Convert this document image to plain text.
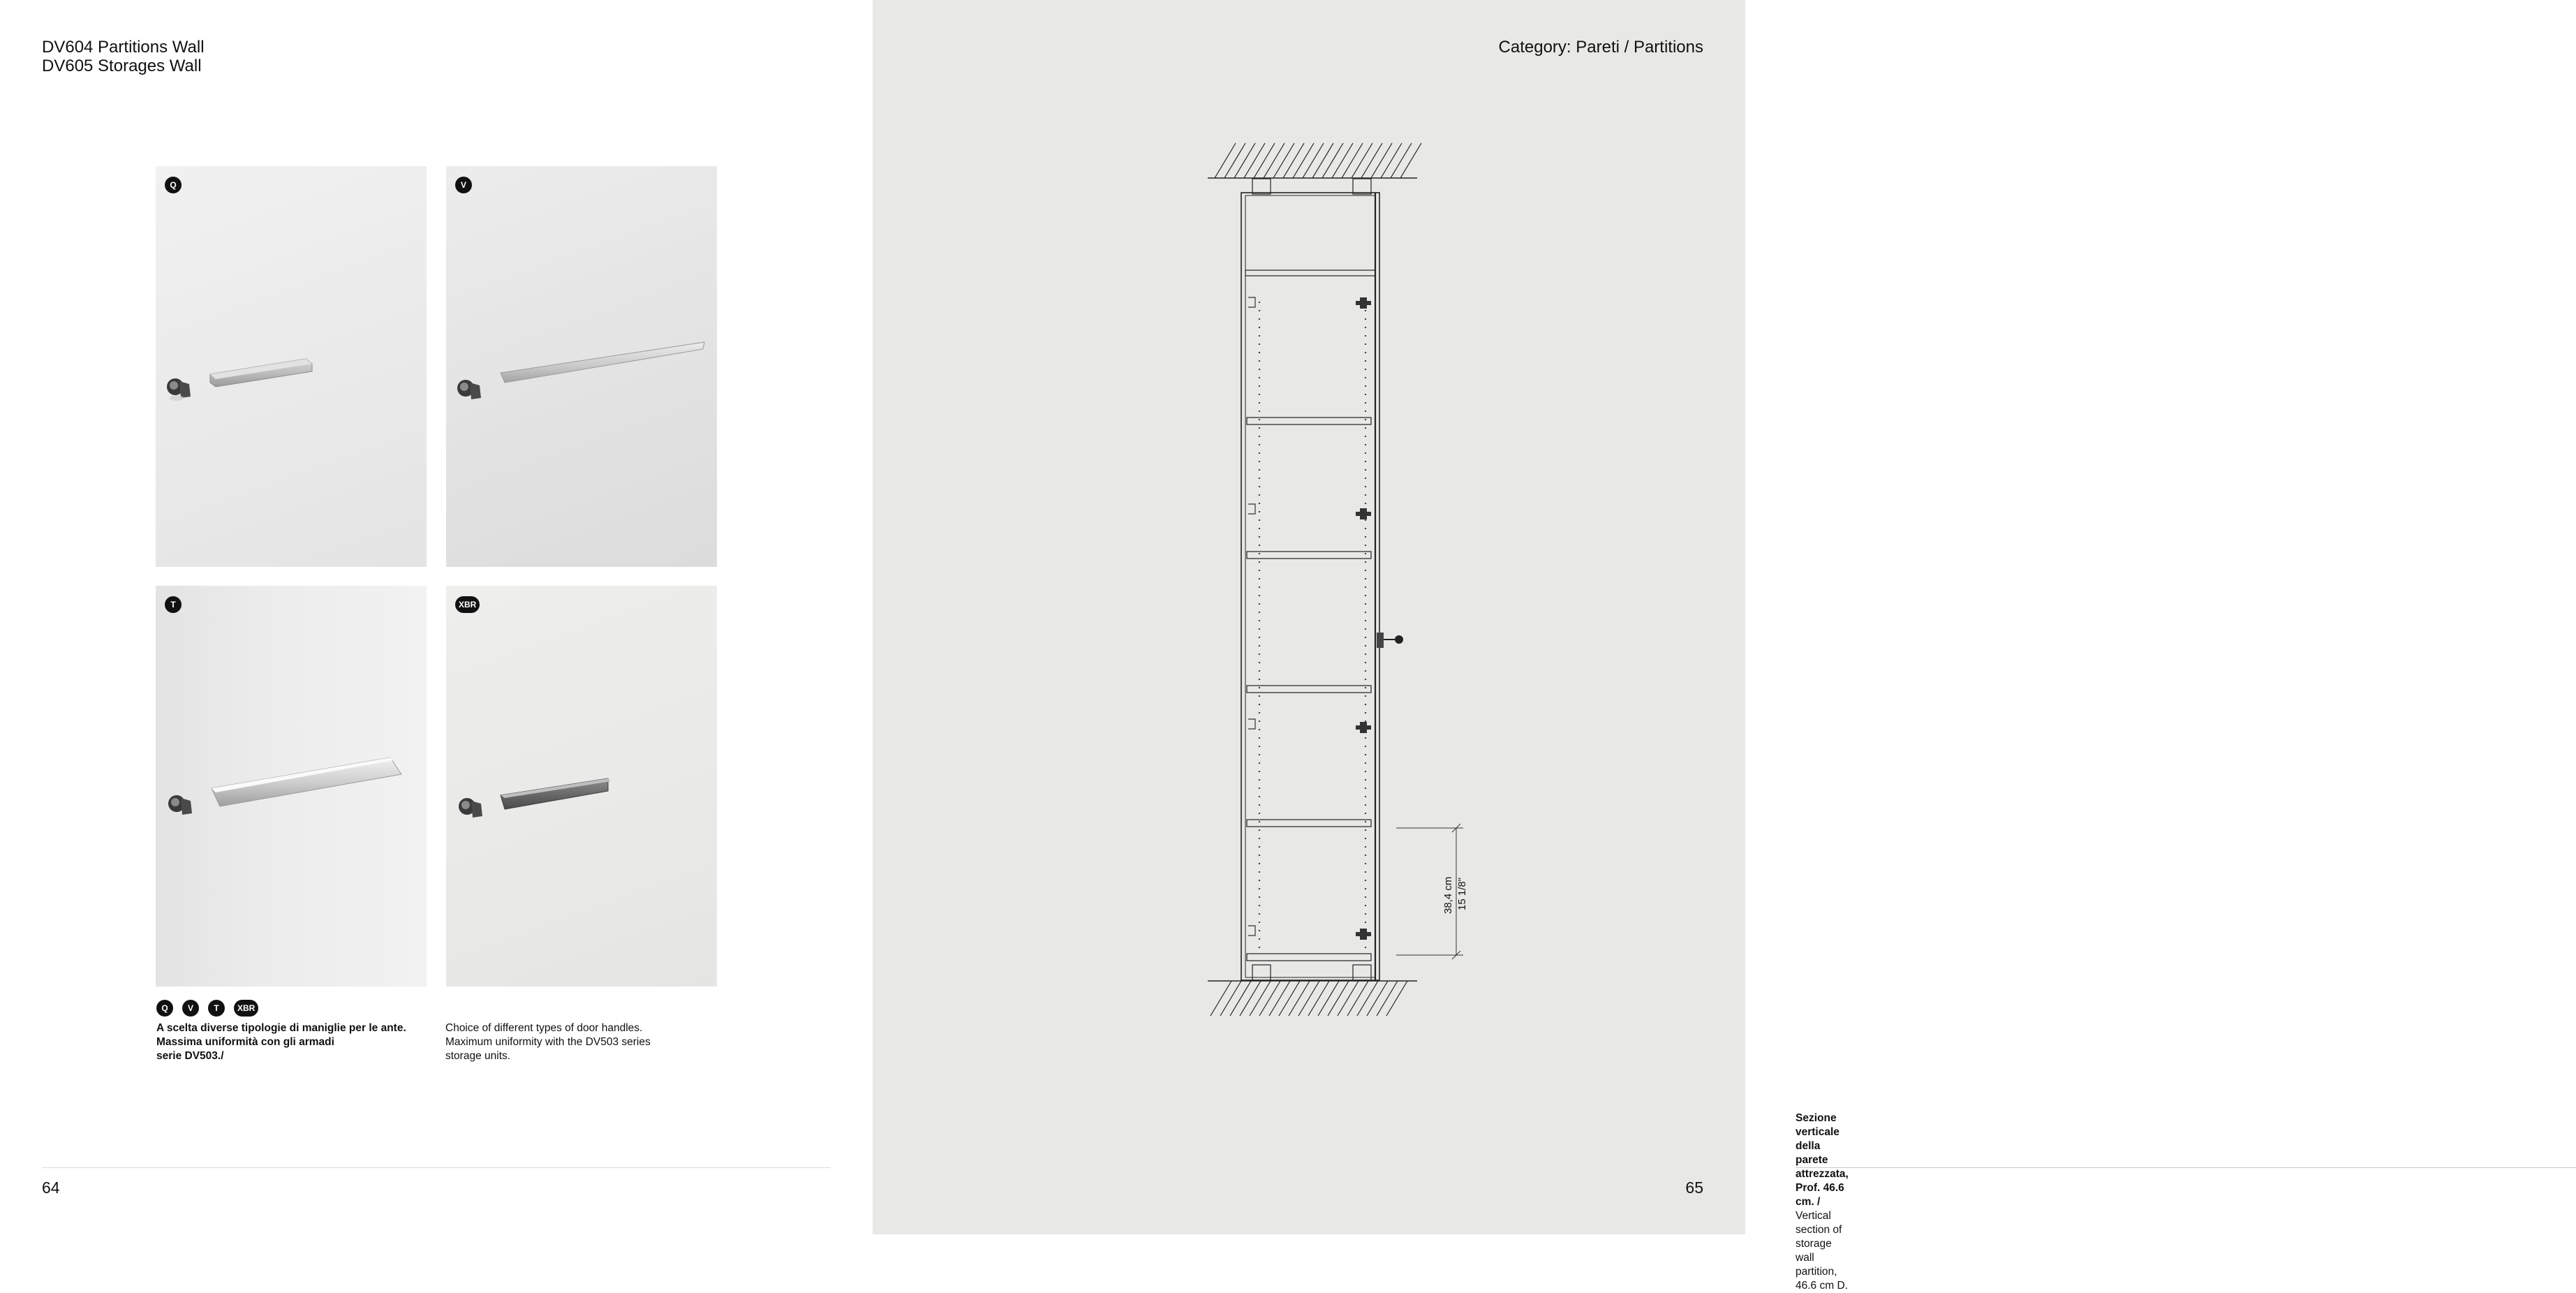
DV604 Partitions Wall
DV605 Storages Wall
Q	V
T	XBR
Q	V	T	XBR
A scelta diverse tipologie di maniglie per le ante.
Massima uniformità con gli armadi
serie DV503./
Choice of different types of door handles.
Maximum uniformity with the DV503 series
storage units.
64
Category: Pareti / Partitions
Sezione verticale della parete attrezzata, Prof. 46.6 cm. /
Vertical section of storage wall partition, 46.6 cm D.
65
38,4 cm 15 1/8"
